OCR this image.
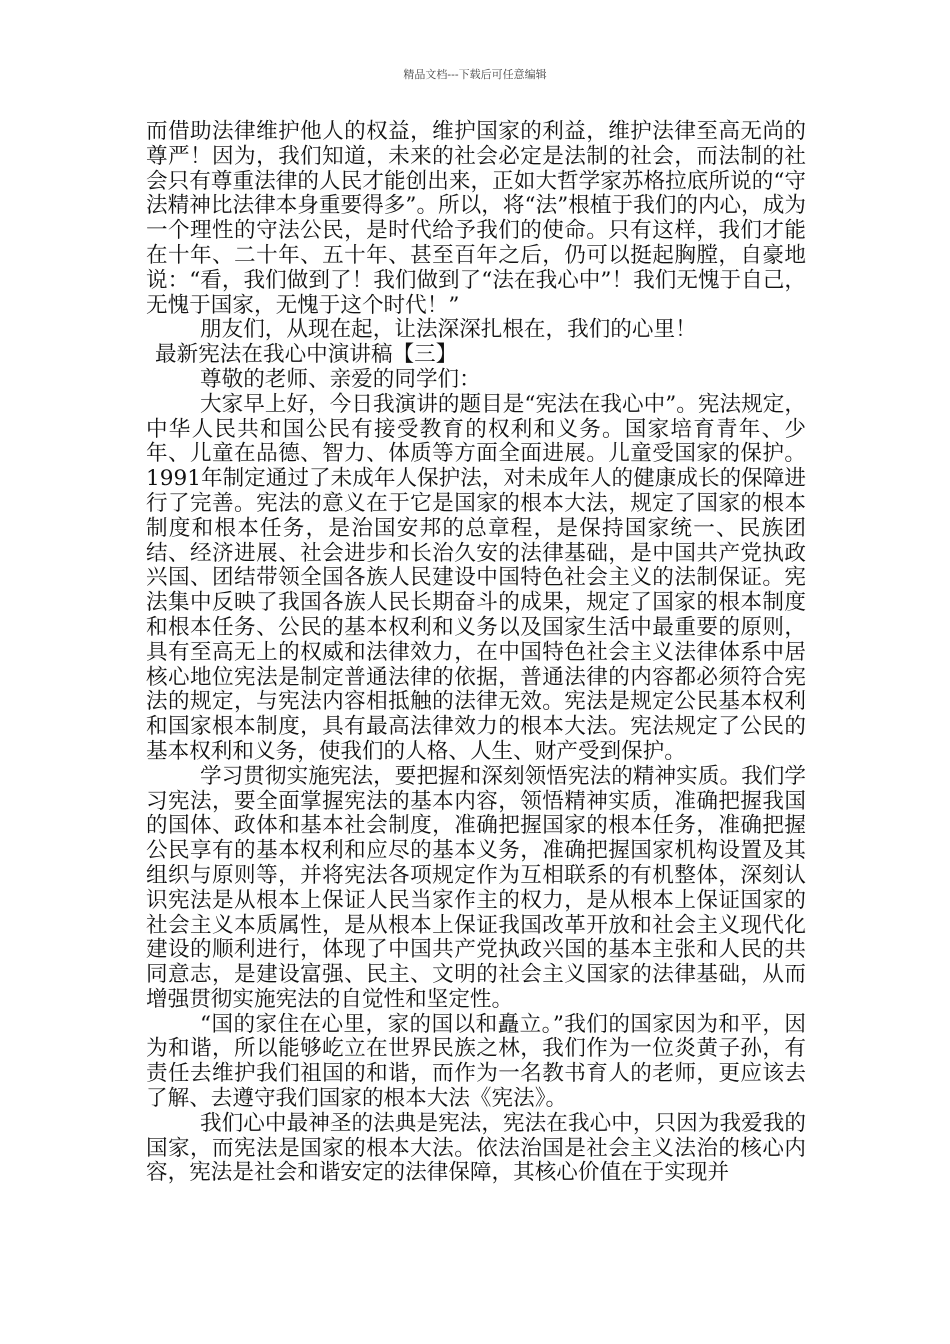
精品文档---下载后可任意编辑

而借助法律维护他人的权益，维护国家的利益，维护法律至高无尚的尊严！因为，我们知道，未来的社会必定是法制的社会，而法制的社会只有尊重法律的人民才能创出来，正如大哲学家苏格拉底所说的“守法精神比法律本身重要得多”。所以，将“法”根植于我们的内心，成为一个理性的守法公民，是时代给予我们的使命。只有这样，我们才能在十年、二十年、五十年、甚至百年之后，仍可以挺起胸膛，自豪地说：“看，我们做到了！我们做到了“法在我心中”！我们无愧于自己，无愧于国家，无愧于这个时代！”

朋友们，从现在起，让法深深扎根在，我们的心里！

最新宪法在我心中演讲稿【三】

尊敬的老师、亲爱的同学们：

大家早上好，今日我演讲的题目是“宪法在我心中”。宪法规定，中华人民共和国公民有接受教育的权利和义务。国家培育青年、少年、儿童在品德、智力、体质等方面全面进展。儿童受国家的保护。1991年制定通过了未成年人保护法，对未成年人的健康成长的保障进行了完善。宪法的意义在于它是国家的根本大法，规定了国家的根本制度和根本任务，是治国安邦的总章程，是保持国家统一、民族团结、经济进展、社会进步和长治久安的法律基础，是中国共产党执政兴国、团结带领全国各族人民建设中国特色社会主义的法制保证。宪法集中反映了我国各族人民长期奋斗的成果，规定了国家的根本制度和根本任务、公民的基本权利和义务以及国家生活中最重要的原则，具有至高无上的权威和法律效力，在中国特色社会主义法律体系中居核心地位宪法是制定普通法律的依据，普通法律的内容都必须符合宪法的规定，与宪法内容相抵触的法律无效。宪法是规定公民基本权利和国家根本制度，具有最高法律效力的根本大法。宪法规定了公民的基本权利和义务，使我们的人格、人生、财产受到保护。

学习贯彻实施宪法，要把握和深刻领悟宪法的精神实质。我们学习宪法，要全面掌握宪法的基本内容，领悟精神实质，准确把握我国的国体、政体和基本社会制度，准确把握国家的根本任务，准确把握公民享有的基本权利和应尽的基本义务，准确把握国家机构设置及其组织与原则等，并将宪法各项规定作为互相联系的有机整体，深刻认识宪法是从根本上保证人民当家作主的权力，是从根本上保证国家的社会主义本质属性，是从根本上保证我国改革开放和社会主义现代化建设的顺利进行，体现了中国共产党执政兴国的基本主张和人民的共同意志，是建设富强、民主、文明的社会主义国家的法律基础，从而增强贯彻实施宪法的自觉性和坚定性。

“国的家住在心里，家的国以和矗立。”我们的国家因为和平，因为和谐，所以能够屹立在世界民族之林，我们作为一位炎黄子孙，有责任去维护我们祖国的和谐，而作为一名教书育人的老师，更应该去了解、去遵守我们国家的根本大法《宪法》。

我们心中最神圣的法典是宪法，宪法在我心中，只因为我爱我的国家，而宪法是国家的根本大法。依法治国是社会主义法治的核心内容，宪法是社会和谐安定的法律保障，其核心价值在于实现并
